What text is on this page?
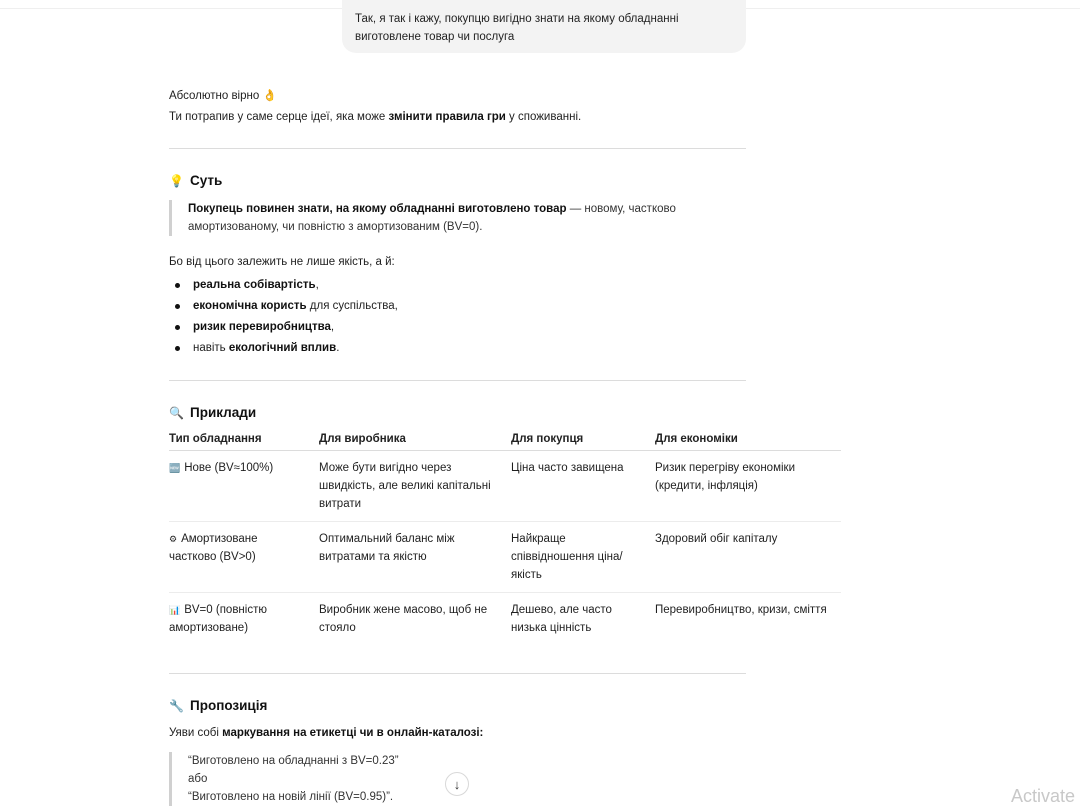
Так, я так і кажу, покупцю вигідно знати на якому обладнанні виготовлене товар чи послуга
Абсолютно вірно 👌
Ти потрапив у саме серце ідеї, яка може змінити правила гри у споживанні.
💡 Суть
Покупець повинен знати, на якому обладнанні виготовлено товар — новому, частково амортизованому, чи повністю з амортизованим (BV=0).
Бо від цього залежить не лише якість, а й:
реальна собівартість,
економічна користь для суспільства,
ризик перевиробництва,
навіть екологічний вплив.
🔍 Приклади
Тип обладнання	Для виробника	Для покупця	Для економіки
🆕 Нове (BV≈100%)	Може бути вигідно через швидкість, але великі капітальні витрати	Ціна часто завищена	Ризик перегріву економіки (кредити, інфляція)
⚙ Амортизоване частково (BV>0)	Оптимальний баланс між витратами та якістю	Найкраще співвідношення ціна/якість	Здоровий обіг капіталу
📊 BV=0 (повністю амортизоване)	Виробник жене масово, щоб не стояло	Дешево, але часто низька цінність	Перевиробництво, кризи, сміття
🔧 Пропозиція
Уяви собі маркування на етикетці чи в онлайн-каталозі:
“Виготовлено на обладнанні з BV=0.23”
або
“Виготовлено на новій лінії (BV=0.95)”.
↓
Activate
